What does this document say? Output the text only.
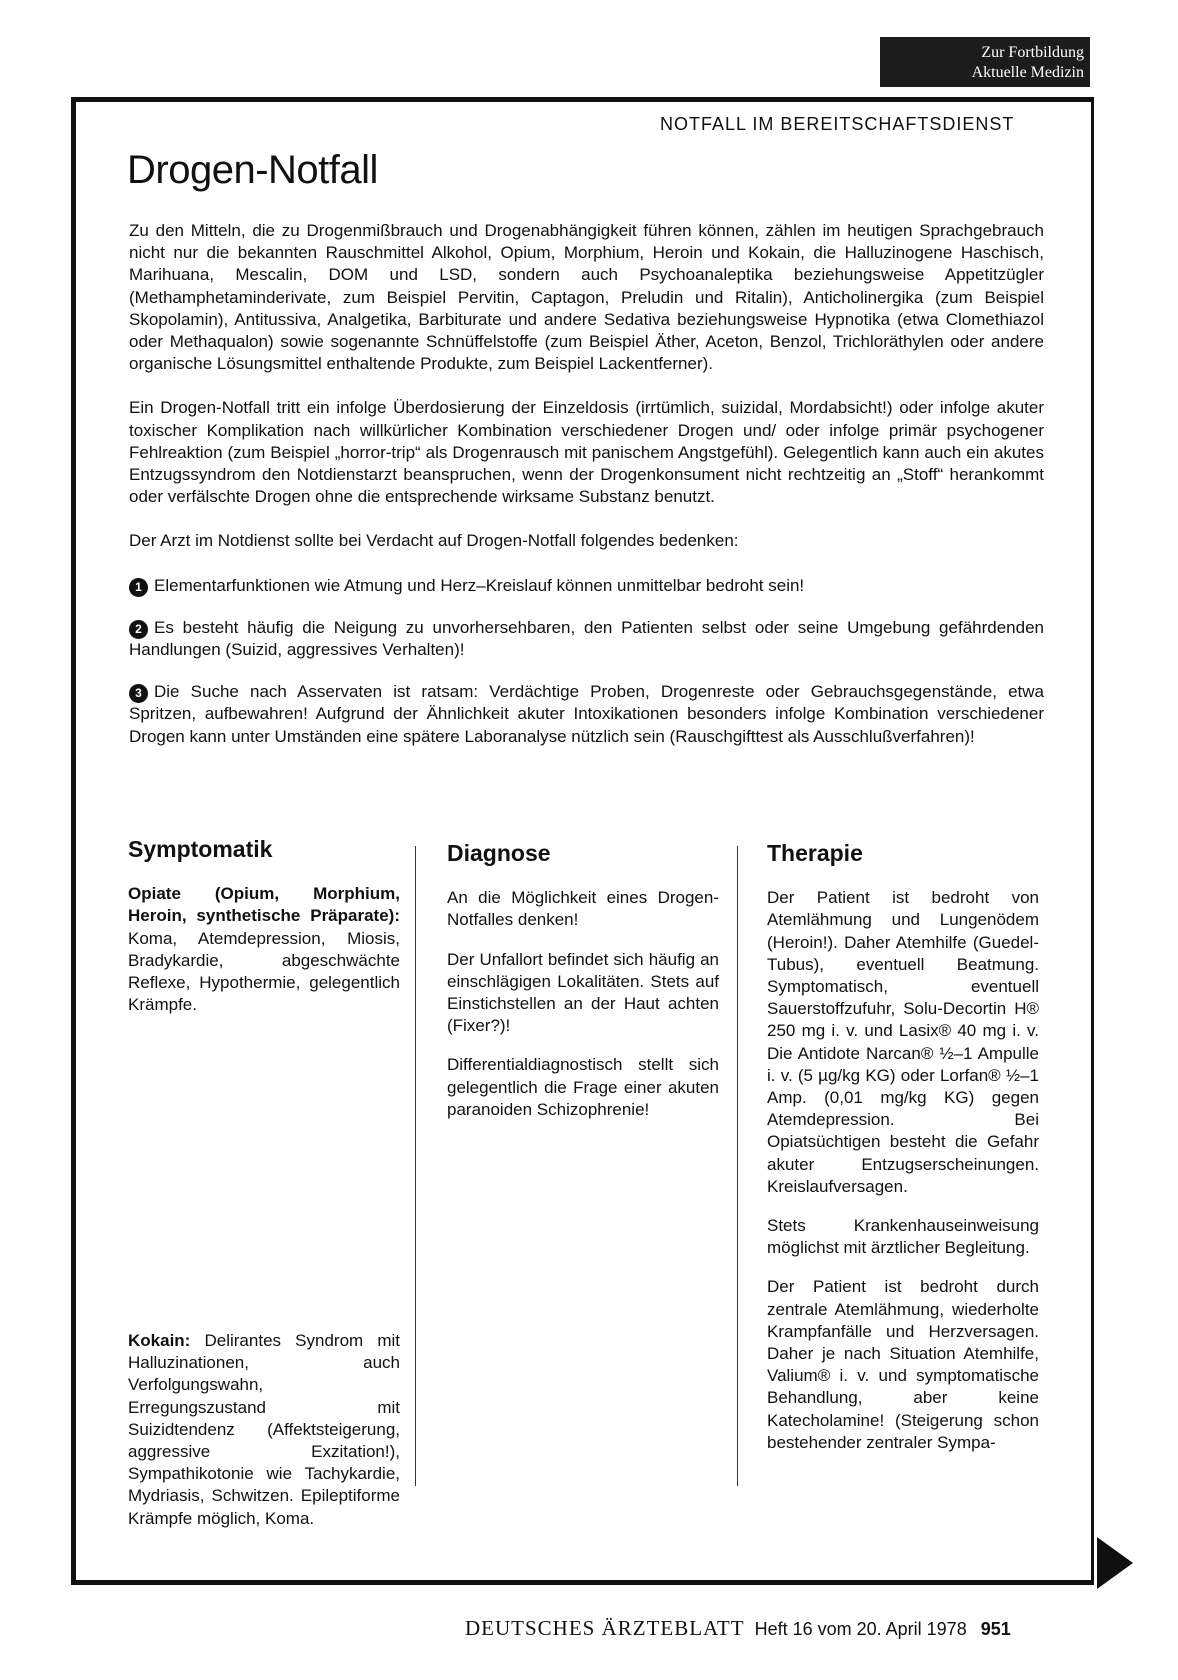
Zur Fortbildung
Aktuelle Medizin
NOTFALL IM BEREITSCHAFTSDIENST
Drogen-Notfall

Zu den Mitteln, die zu Drogenmißbrauch und Drogenabhängigkeit führen können, zählen im heutigen Sprachgebrauch nicht nur die bekannten Rauschmittel Alkohol, Opium, Morphium, Heroin und Kokain, die Halluzinogene Haschisch, Marihuana, Mescalin, DOM und LSD, sondern auch Psychoanaleptika beziehungsweise Appetitzügler (Methamphetaminderivate, zum Beispiel Pervitin, Captagon, Preludin und Ritalin), Anticholinergika (zum Beispiel Skopolamin), Antitussiva, Analgetika, Barbiturate und andere Sedativa beziehungsweise Hypnotika (etwa Clomethiazol oder Methaqualon) sowie sogenannte Schnüffelstoffe (zum Beispiel Äther, Aceton, Benzol, Trichloräthylen oder andere organische Lösungsmittel enthaltende Produkte, zum Beispiel Lackentferner).

Ein Drogen-Notfall tritt ein infolge Überdosierung der Einzeldosis (irrtümlich, suizidal, Mordabsicht!) oder infolge akuter toxischer Komplikation nach willkürlicher Kombination verschiedener Drogen und/ oder infolge primär psychogener Fehlreaktion (zum Beispiel „horror-trip“ als Drogenrausch mit panischem Angstgefühl). Gelegentlich kann auch ein akutes Entzugssyndrom den Notdienstarzt beanspruchen, wenn der Drogenkonsument nicht rechtzeitig an „Stoff“ herankommt oder verfälschte Drogen ohne die entsprechende wirksame Substanz benutzt.

Der Arzt im Notdienst sollte bei Verdacht auf Drogen-Notfall folgendes bedenken:

1 Elementarfunktionen wie Atmung und Herz–Kreislauf können unmittelbar bedroht sein!

2 Es besteht häufig die Neigung zu unvorhersehbaren, den Patienten selbst oder seine Umgebung gefährdenden Handlungen (Suizid, aggressives Verhalten)!

3 Die Suche nach Asservaten ist ratsam: Verdächtige Proben, Drogenreste oder Gebrauchsgegenstände, etwa Spritzen, aufbewahren! Aufgrund der Ähnlichkeit akuter Intoxikationen besonders infolge Kombination verschiedener Drogen kann unter Umständen eine spätere Laboranalyse nützlich sein (Rauschgifttest als Ausschlußverfahren)!

Symptomatik

Opiate (Opium, Morphium, Heroin, synthetische Präparate): Koma, Atemdepression, Miosis, Bradykardie, abgeschwächte Reflexe, Hypothermie, gelegentlich Krämpfe.

Kokain: Delirantes Syndrom mit Halluzinationen, auch Verfolgungswahn, Erregungszustand mit Suizidtendenz (Affektsteigerung, aggressive Exzitation!), Sympathikotonie wie Tachykardie, Mydriasis, Schwitzen. Epileptiforme Krämpfe möglich, Koma.

Diagnose

An die Möglichkeit eines Drogen-Notfalles denken!

Der Unfallort befindet sich häufig an einschlägigen Lokalitäten. Stets auf Einstichstellen an der Haut achten (Fixer?)!

Differentialdiagnostisch stellt sich gelegentlich die Frage einer akuten paranoiden Schizophrenie!

Therapie

Der Patient ist bedroht von Atemlähmung und Lungenödem (Heroin!). Daher Atemhilfe (Guedel-Tubus), eventuell Beatmung. Symptomatisch, eventuell Sauerstoffzufuhr, Solu-Decortin H® 250 mg i. v. und Lasix® 40 mg i. v. Die Antidote Narcan® ½–1 Ampulle i. v. (5 µg/kg KG) oder Lorfan® ½–1 Amp. (0,01 mg/kg KG) gegen Atemdepression. Bei Opiatsüchtigen besteht die Gefahr akuter Entzugserscheinungen. Kreislaufversagen.

Stets Krankenhauseinweisung möglichst mit ärztlicher Begleitung.

Der Patient ist bedroht durch zentrale Atemlähmung, wiederholte Krampfanfälle und Herzversagen. Daher je nach Situation Atemhilfe, Valium® i. v. und symptomatische Behandlung, aber keine Katecholamine! (Steigerung schon bestehender zentraler Sympa-

DEUTSCHES ÄRZTEBLATT Heft 16 vom 20. April 1978 951
